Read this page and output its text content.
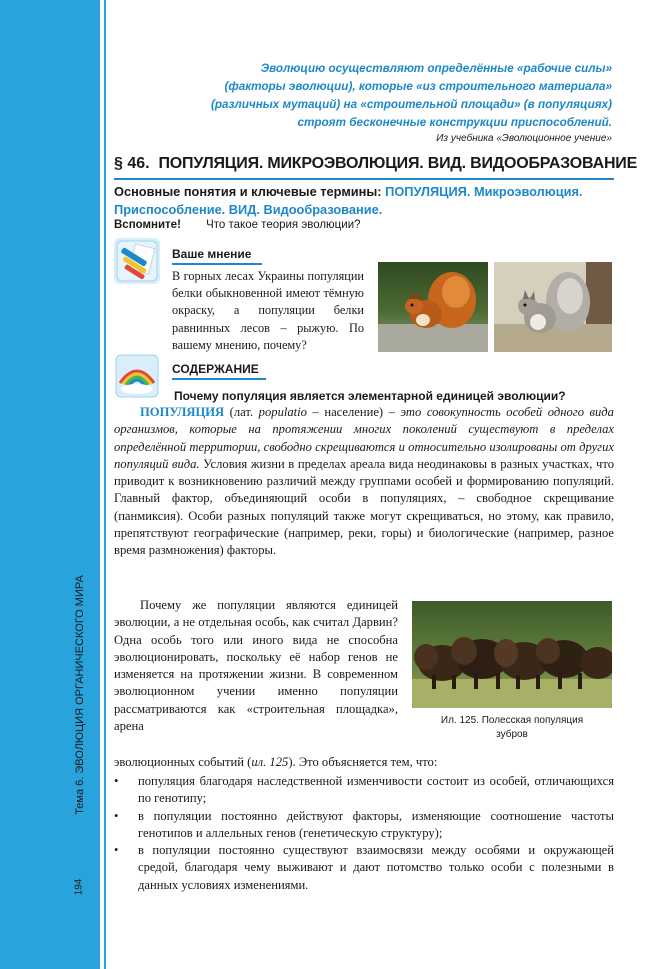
Тема 6. ЭВОЛЮЦИЯ ОРГАНИЧЕСКОГО МИРА
194
Эволюцию осуществляют определённые «рабочие силы»
(факторы эволюции), которые «из строительного материала»
(различных мутаций) на «строительной площади» (в популяциях)
строят бесконечные конструкции приспособлений.
Из учебника «Эволюционное учение»
§ 46. ПОПУЛЯЦИЯ. МИКРОЭВОЛЮЦИЯ. ВИД. ВИДООБРАЗОВАНИЕ
Основные понятия и ключевые термины: ПОПУЛЯЦИЯ. Микроэволюция. Приспособление. ВИД. Видообразование.
Вспомните! Что такое теория эволюции?
Ваше мнение
В горных лесах Украины популяции белки обыкновенной имеют тёмную окраску, а популяции белки равнинных лесов – рыжую. По вашему мнению, почему?
СОДЕРЖАНИЕ
Почему популяция является элементарной единицей эволюции?
ПОПУЛЯЦИЯ (лат. populatio – население) – это совокупность особей одного вида организмов, которые на протяжении многих поколений существуют в пределах определённой территории, свободно скрещиваются и относительно изолированы от других популяций вида. Условия жизни в пределах ареала вида неодинаковы в разных участках, что приводит к возникновению различий между группами особей и формированию популяций. Главный фактор, объединяющий особи в популяциях, – свободное скрещивание (панмиксия). Особи разных популяций также могут скрещиваться, но этому, как правило, препятствуют географические (например, реки, горы) и биологические (например, разное время размножения) факторы.
Почему же популяции являются единицей эволюции, а не отдельная особь, как считал Дарвин? Одна особь того или иного вида не способна эволюционировать, поскольку её набор генов не изменяется на протяжении жизни. В современном эволюционном учении именно популяции рассматриваются как «строительная площадка», арена
эволюционных событий (ил. 125). Это объясняется тем, что:
Ил. 125. Полесская популяция
зубров
• популяция благодаря наследственной изменчивости состоит из особей, отличающихся по генотипу;
• в популяции постоянно действуют факторы, изменяющие соотношение частоты генотипов и аллельных генов (генетическую структуру);
• в популяции постоянно существуют взаимосвязи между особями и окружающей средой, благодаря чему выживают и дают потомство только особи с полезными в данных условиях изменениями.
